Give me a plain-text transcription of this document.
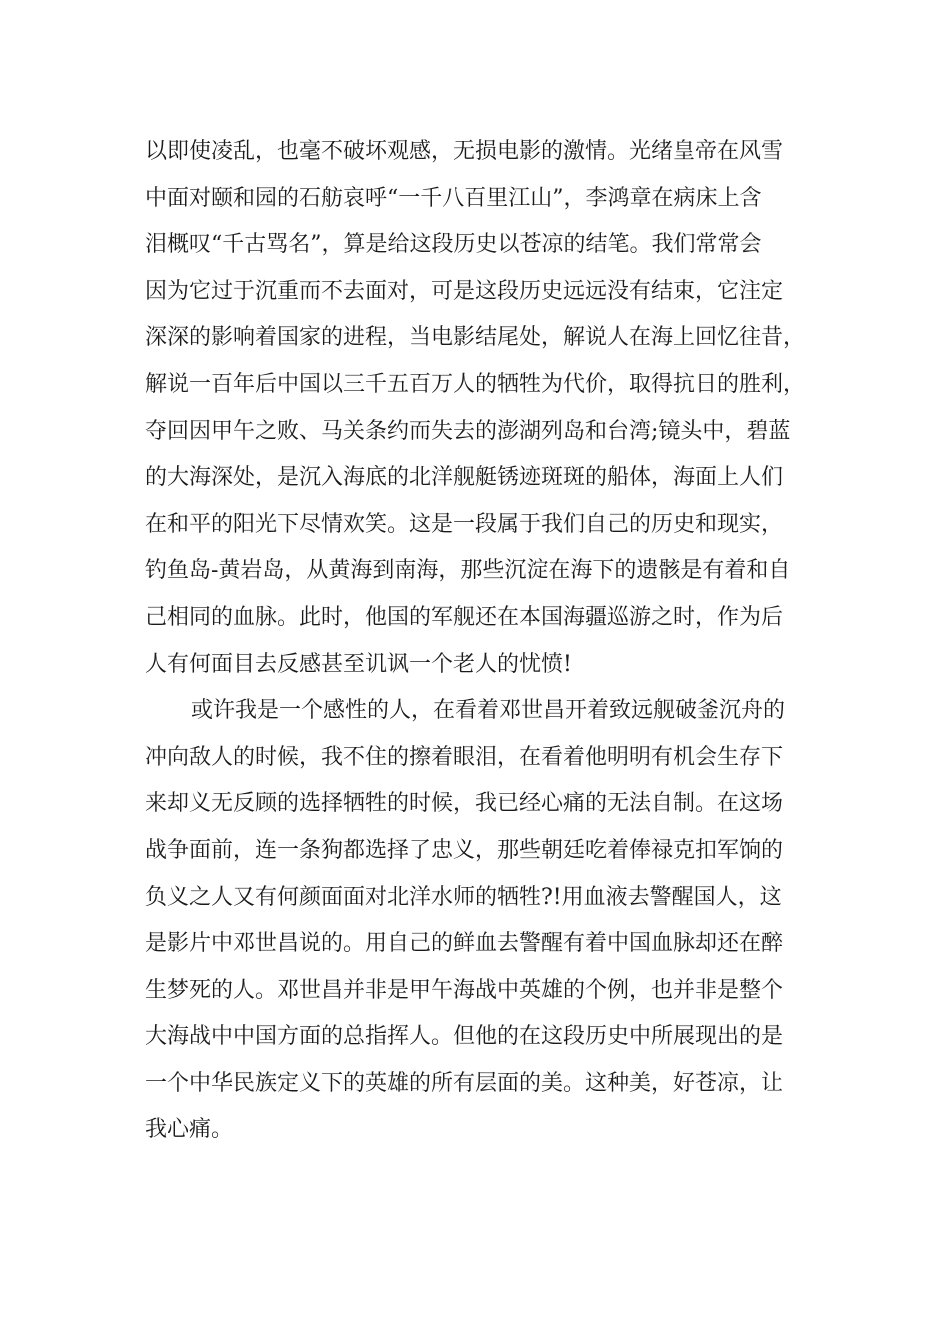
以即使凌乱，也毫不破坏观感，无损电影的激情。光绪皇帝在风雪
中面对颐和园的石舫哀呼“一千八百里江山”，李鸿章在病床上含
泪概叹“千古骂名”，算是给这段历史以苍凉的结笔。我们常常会
因为它过于沉重而不去面对，可是这段历史远远没有结束，它注定
深深的影响着国家的进程，当电影结尾处，解说人在海上回忆往昔，
解说一百年后中国以三千五百万人的牺牲为代价，取得抗日的胜利，
夺回因甲午之败、马关条约而失去的澎湖列岛和台湾;镜头中，碧蓝
的大海深处，是沉入海底的北洋舰艇锈迹斑斑的船体，海面上人们
在和平的阳光下尽情欢笑。这是一段属于我们自己的历史和现实，
钓鱼岛-黄岩岛，从黄海到南海，那些沉淀在海下的遗骸是有着和自
己相同的血脉。此时，他国的军舰还在本国海疆巡游之时，作为后
人有何面目去反感甚至讥讽一个老人的忧愤!
或许我是一个感性的人，在看着邓世昌开着致远舰破釜沉舟的
冲向敌人的时候，我不住的擦着眼泪，在看着他明明有机会生存下
来却义无反顾的选择牺牲的时候，我已经心痛的无法自制。在这场
战争面前，连一条狗都选择了忠义，那些朝廷吃着俸禄克扣军饷的
负义之人又有何颜面面对北洋水师的牺牲?!用血液去警醒国人，这
是影片中邓世昌说的。用自己的鲜血去警醒有着中国血脉却还在醉
生梦死的人。邓世昌并非是甲午海战中英雄的个例，也并非是整个
大海战中中国方面的总指挥人。但他的在这段历史中所展现出的是
一个中华民族定义下的英雄的所有层面的美。这种美，好苍凉，让
我心痛。
